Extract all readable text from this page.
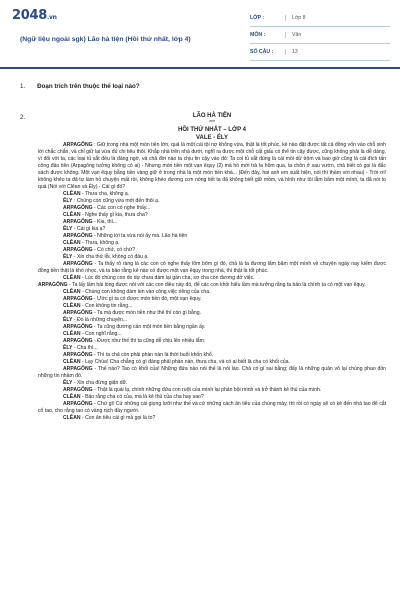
2048.vn
(Ngữ liệu ngoài sgk) Lão hà tiện (Hồi thứ nhất, lớp 4)
LỚP :	Lớp 8
MÔN :	Văn
SỐ CÂU :	13
1. Đoạn trích trên thuộc thể loại nào?
2.	LÃO HÀ TIỆN
***
HỒI THỨ NHẤT – LỚP 4
VALE - ÉLY

ARPAGÔNG : Giữ trong nhà một món tiền lớn, quả là một cái tội nợ không vừa, thật là tốt phúc, kẻ nào đặt được tất cả đồng vốn vào chỗ sinh lời chắc chắn, và chỉ giữ lại vừa đủ chi tiêu thôi. Khắp nhà trên nhà dưới, nghĩ ra được một chỗ cất giấu có thể tin cậy được, cũng không phải là dễ dàng, vì đối với ta, các loại tủ sắt đều là đáng ngờ, và chả đời nào ta chịu tin cậy vào đó: Ta coi tủ sắt đúng là cái mồi dử trộm và bao giờ cũng là cái đích tấn công đầu tiên (Arpagông tưởng không có ai) - Nhưng món tiền một vạn êquy (2) mà hồ mới trả ta hôm qua, ta chôn ở sau vườn, chả biết có gọi là đắc sách được không. Một vạn êquy bằng tiền vàng giữ ở trong nhà là một món tiền khá... (Đến đây, hai anh em xuất hiện, nói thì thầm với nhau) - Trời ơi! không khéo ta đã tự làm hỏ chuyện mất rồi, không khéo đương cơn nóng tiết ta đã không biết giữ mồm, và hình như tôi lẫm bẩm một mình, ta đã nói to quá (Nói với Clêan và Êly) - Cái gì đó?

CLÊAN - Thưa cha, không ạ.

ÊLY : Chúng con cũng vừa mới đến thôi ạ.

ARPAGÔNG - Các con có nghe thấy...

CLÊAN - Nghe thấy gì kia, thưa cha?

ARPAGÔNG - Kia, thì...

ÊLY - Cái gì kia ạ?

ARPAGÔNG - Những lời ta vừa nói ấy mà. Lão hà tiện

CLÊAN - Thưa, không ạ.

ARPAGÔNG - Có chứ, có chứ?

ÊLY - Xin cha thứ lỗi, không có đâu ạ.

ARPAGÔNG - Ta thấy rõ ràng là các con có nghe thấy lõm bõm gì đó, chả là ta đương lẩm bẩm một mình về chuyện ngày nay kiếm được đồng tiền thật là khó nhọc, và ta bảo rằng kẻ nào có được một vạn êquy trong nhà, thì thật là tốt phúc.

CLÊAN - Lúc đó chúng con do dự chưa dám lại gần cha, sợ cha còn đương dở việc.

ARPAGÔNG - Ta lấy làm hài lòng được nói với các con điều này đó, để các con khỏi hiểu lầm mà tưởng rằng ta bảo là chính ta có một vạn êquy.

CLÊAN - Chúng con không dám len vào công việc riêng của cha.

ARPAGÔNG - Ước gì ta có được món tiền đó, một vạn êquy.

CLÊAN - Con không tin rằng...

ARPAGÔNG - Ta mà được món tiền như thế thì còn gì bằng.

ÊLY - Đó là những chuyện...

ARPAGÔNG - Ta cũng đương cần một món tiền bằng ngần ấy.

CLÊAN - Con nghĩ rằng...

ARPAGÔNG - Được như thế thì ta cũng dễ chịu lên nhiều lắm.

ÊLY - Cha thì...

ARPAGÔNG - Thì ta chả còn phải phàn nàn là thời buổi khốn khổ.

CLÊAN - Lạy Chúa! Cha chẳng có gì đáng phải phàn nàn, thưa cha, và có ai biết là cha có khối của.

ARPAGÔNG - Thế nào? Tao có khối của! Những đứa nào nói thế là nói láo. Chả có gì sai bằng; đấy là những quân vô lại chúng phao đồn những tin nhảm đó.

ÊLY - Xin cha đừng giận dữ.

ARPAGÔNG - Thật là quái lạ, chính những đứa con ruột của mình lại phản bội mình và trở thành kẻ thù của mình.

CLÊAN - Bảo rằng cha có của, mà là kẻ thù của cha hay sao?

ARPAGÔNG - Chứ gì! Cứ những cái giọng lưỡi như thế và cứ những cách ăn tiêu của chúng mày, thì rồi có ngày sẽ có kẻ đến nhà tao để cắt cổ tao, cho rằng tao có vàng nịch đầy người.

CLÊAN - Con ăn tiêu cái gì mà gọi là to?
